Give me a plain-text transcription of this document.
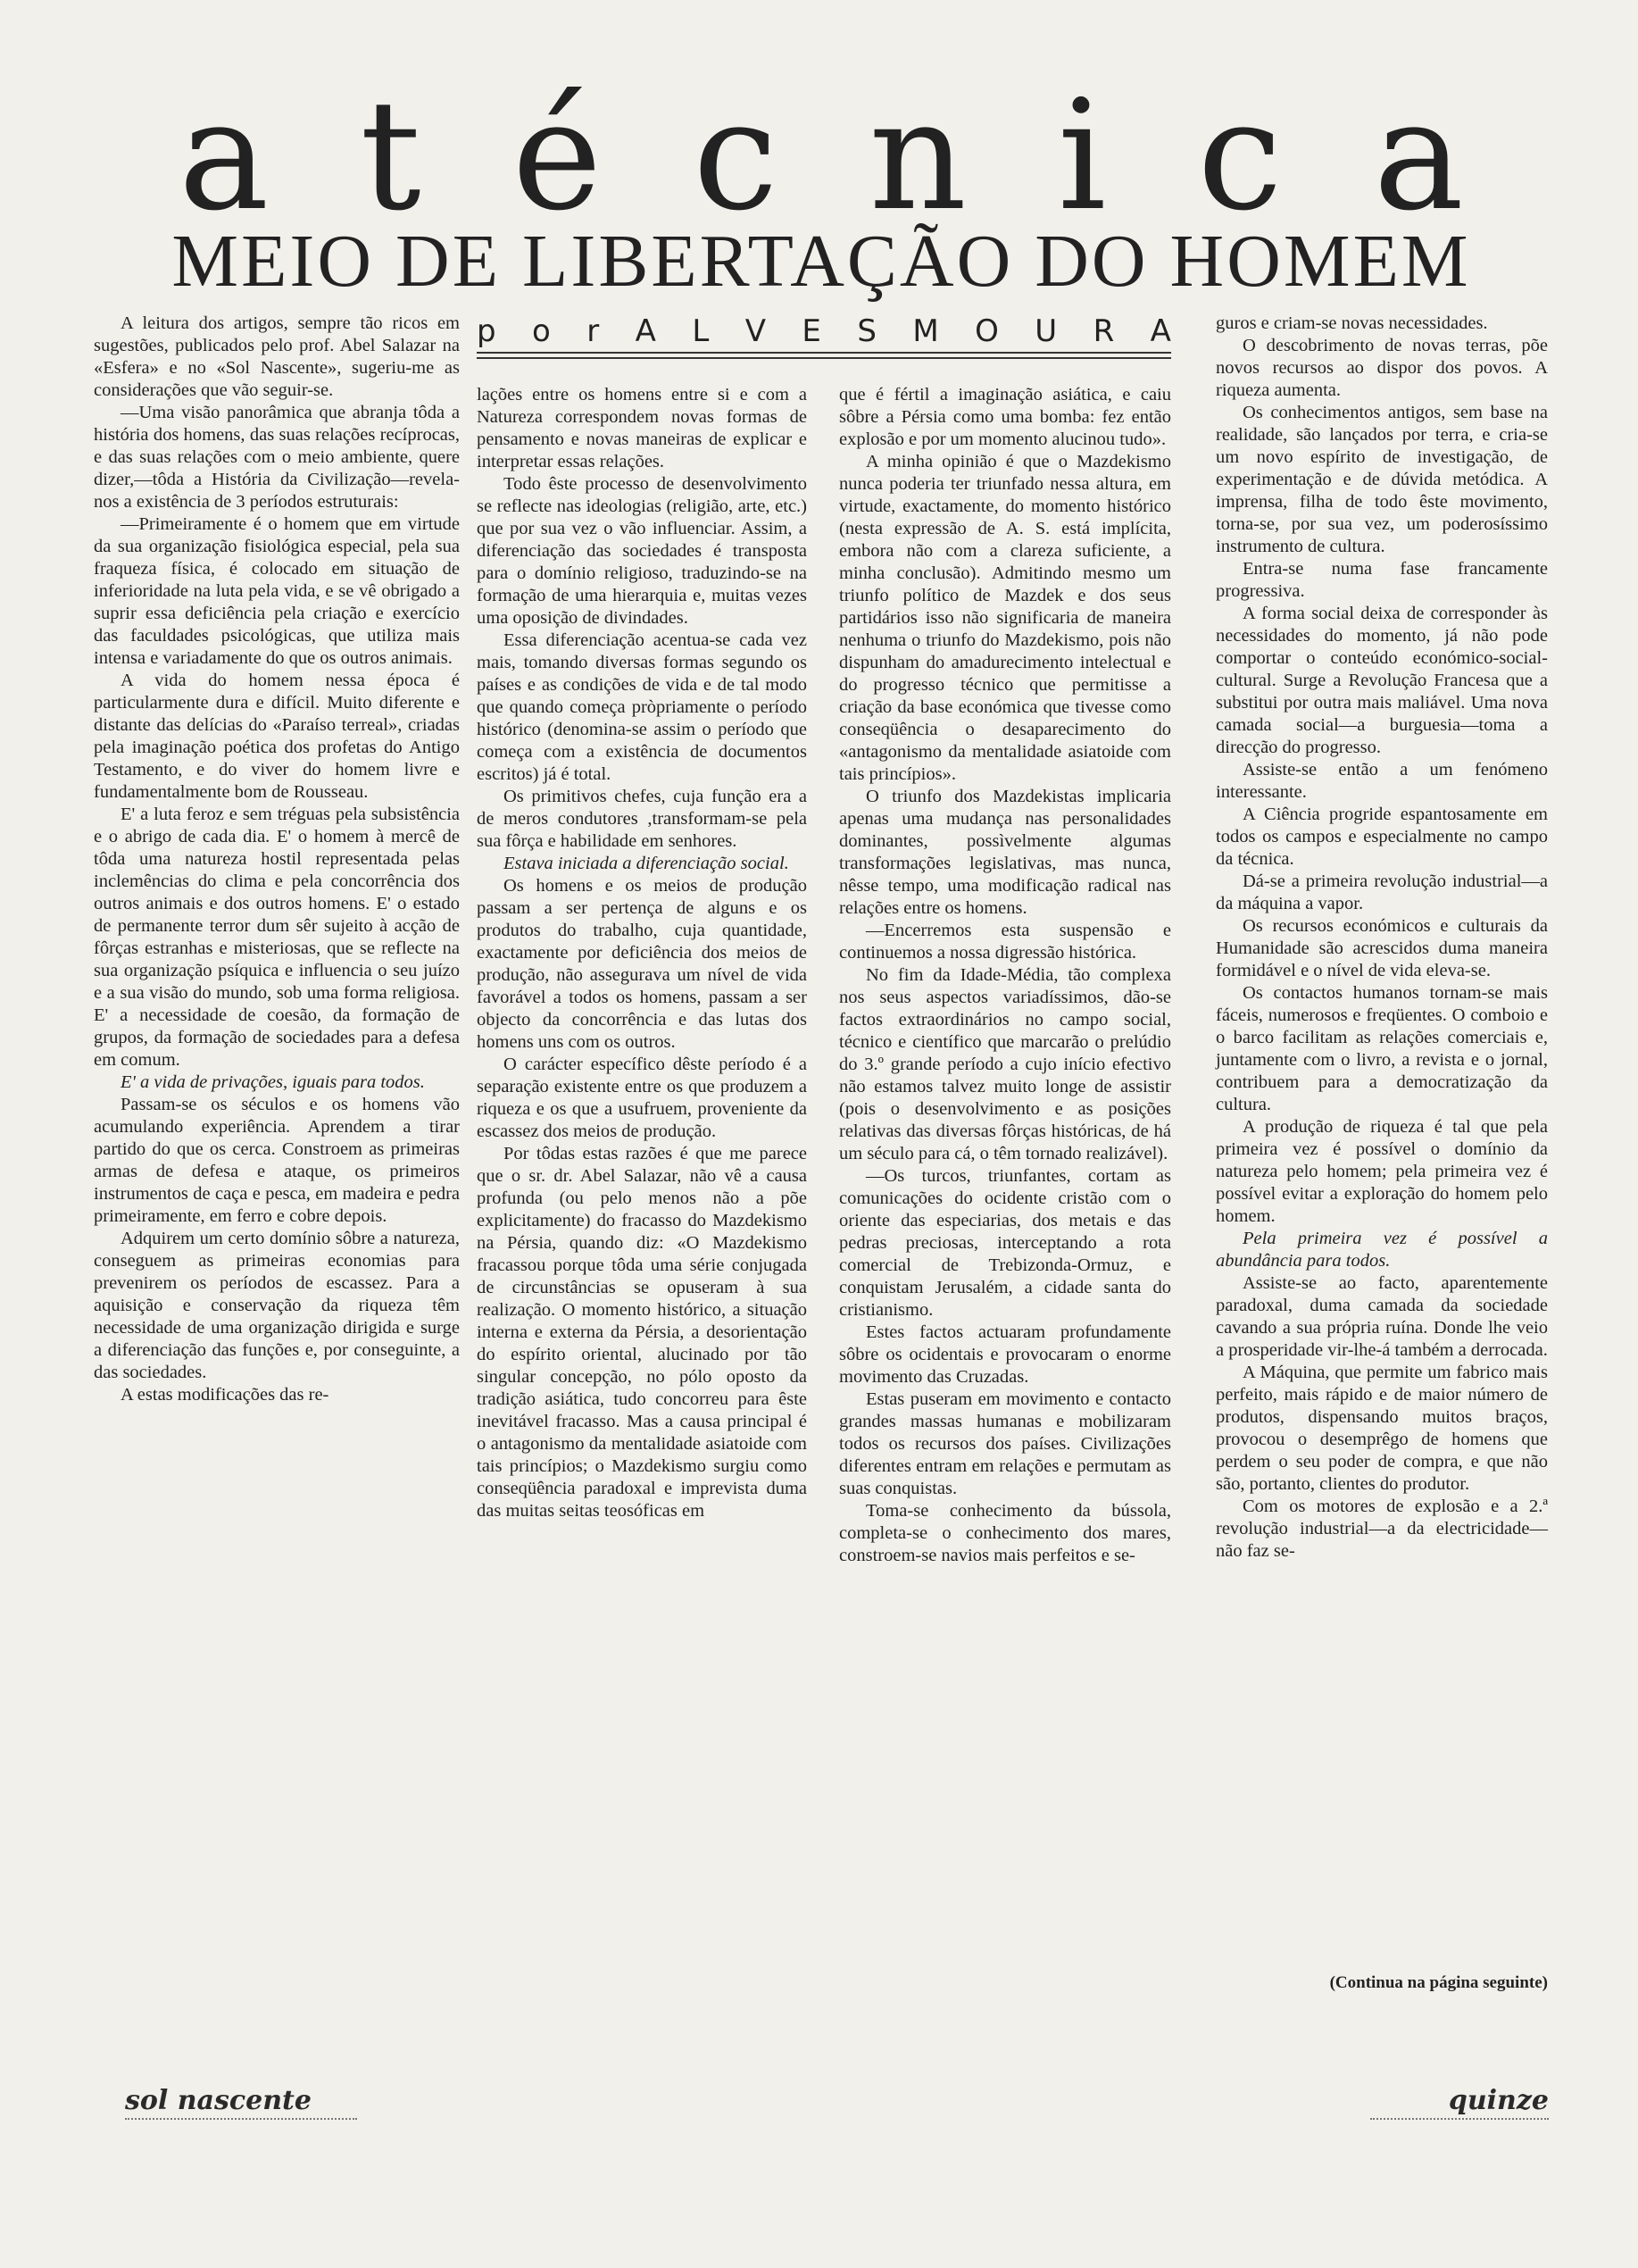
a t é c n i c a
MEIO DE LIBERTAÇÃO DO HOMEM
p o r A L V E S M O U R A

A leitura dos artigos, sempre tão ricos em sugestões, publicados pelo prof. Abel Salazar na «Esfera» e no «Sol Nascente», sugeriu-me as considerações que vão seguir-se.

—Uma visão panorâmica que abranja tôda a história dos homens, das suas relações recíprocas, e das suas relações com o meio ambiente, quere dizer,—tôda a História da Civilização—revela-nos a existência de 3 períodos estruturais:

—Primeiramente é o homem que em virtude da sua organização fisiológica especial, pela sua fraqueza física, é colocado em situação de inferioridade na luta pela vida, e se vê obrigado a suprir essa deficiência pela criação e exercício das faculdades psicológicas, que utiliza mais intensa e variadamente do que os outros animais.

A vida do homem nessa época é particularmente dura e difícil. Muito diferente e distante das delícias do «Paraíso terreal», criadas pela imaginação poética dos profetas do Antigo Testamento, e do viver do homem livre e fundamentalmente bom de Rousseau.

E' a luta feroz e sem tréguas pela subsistência e o abrigo de cada dia. E' o homem à mercê de tôda uma natureza hostil representada pelas inclemências do clima e pela concorrência dos outros animais e dos outros homens. E' o estado de permanente terror dum sêr sujeito à acção de fôrças estranhas e misteriosas, que se reflecte na sua organização psíquica e influencia o seu juízo e a sua visão do mundo, sob uma forma religiosa. E' a necessidade de coesão, da formação de grupos, da formação de sociedades para a defesa em comum.

E' a vida de privações, iguais para todos.

Passam-se os séculos e os homens vão acumulando experiência. Aprendem a tirar partido do que os cerca. Constroem as primeiras armas de defesa e ataque, os primeiros instrumentos de caça e pesca, em madeira e pedra primeiramente, em ferro e cobre depois.

Adquirem um certo domínio sôbre a natureza, conseguem as primeiras economias para prevenirem os períodos de escassez. Para a aquisição e conservação da riqueza têm necessidade de uma organização dirigida e surge a diferenciação das funções e, por conseguinte, a das sociedades.

A estas modificações das re-

lações entre os homens entre si e com a Natureza correspondem novas formas de pensamento e novas maneiras de explicar e interpretar essas relações.

Todo êste processo de desenvolvimento se reflecte nas ideologias (religião, arte, etc.) que por sua vez o vão influenciar. Assim, a diferenciação das sociedades é transposta para o domínio religioso, traduzindo-se na formação de uma hierarquia e, muitas vezes uma oposição de divindades.

Essa diferenciação acentua-se cada vez mais, tomando diversas formas segundo os países e as condições de vida e de tal modo que quando começa pròpriamente o período histórico (denomina-se assim o período que começa com a existência de documentos escritos) já é total.

Os primitivos chefes, cuja função era a de meros condutores ,transformam-se pela sua fôrça e habilidade em senhores.

Estava iniciada a diferenciação social.

Os homens e os meios de produção passam a ser pertença de alguns e os produtos do trabalho, cuja quantidade, exactamente por deficiência dos meios de produção, não assegurava um nível de vida favorável a todos os homens, passam a ser objecto da concorrência e das lutas dos homens uns com os outros.

O carácter específico dêste período é a separação existente entre os que produzem a riqueza e os que a usufruem, proveniente da escassez dos meios de produção.

Por tôdas estas razões é que me parece que o sr. dr. Abel Salazar, não vê a causa profunda (ou pelo menos não a põe explicitamente) do fracasso do Mazdekismo na Pérsia, quando diz: «O Mazdekismo fracassou porque tôda uma série conjugada de circunstâncias se opuseram à sua realização. O momento histórico, a situação interna e externa da Pérsia, a desorientação do espírito oriental, alucinado por tão singular concepção, no pólo oposto da tradição asiática, tudo concorreu para êste inevitável fracasso. Mas a causa principal é o antagonismo da mentalidade asiatoide com tais princípios; o Mazdekismo surgiu como conseqüência paradoxal e imprevista duma das muitas seitas teosóficas em

que é fértil a imaginação asiática, e caiu sôbre a Pérsia como uma bomba: fez então explosão e por um momento alucinou tudo».

A minha opinião é que o Mazdekismo nunca poderia ter triunfado nessa altura, em virtude, exactamente, do momento histórico (nesta expressão de A. S. está implícita, embora não com a clareza suficiente, a minha conclusão). Admitindo mesmo um triunfo político de Mazdek e dos seus partidários isso não significaria de maneira nenhuma o triunfo do Mazdekismo, pois não dispunham do amadurecimento intelectual e do progresso técnico que permitisse a criação da base económica que tivesse como conseqüência o desaparecimento do «antagonismo da mentalidade asiatoide com tais princípios».

O triunfo dos Mazdekistas implicaria apenas uma mudança nas personalidades dominantes, possìvelmente algumas transformações legislativas, mas nunca, nêsse tempo, uma modificação radical nas relações entre os homens.

—Encerremos esta suspensão e continuemos a nossa digressão histórica.

No fim da Idade-Média, tão complexa nos seus aspectos variadíssimos, dão-se factos extraordinários no campo social, técnico e científico que marcarão o prelúdio do 3.º grande período a cujo início efectivo não estamos talvez muito longe de assistir (pois o desenvolvimento e as posições relativas das diversas fôrças históricas, de há um século para cá, o têm tornado realizável).

—Os turcos, triunfantes, cortam as comunicações do ocidente cristão com o oriente das especiarias, dos metais e das pedras preciosas, interceptando a rota comercial de Trebizonda-Ormuz, e conquistam Jerusalém, a cidade santa do cristianismo.

Estes factos actuaram profundamente sôbre os ocidentais e provocaram o enorme movimento das Cruzadas.

Estas puseram em movimento e contacto grandes massas humanas e mobilizaram todos os recursos dos países. Civilizações diferentes entram em relações e permutam as suas conquistas.

Toma-se conhecimento da bússola, completa-se o conhecimento dos mares, constroem-se navios mais perfeitos e se-

guros e criam-se novas necessidades.

O descobrimento de novas terras, põe novos recursos ao dispor dos povos. A riqueza aumenta.

Os conhecimentos antigos, sem base na realidade, são lançados por terra, e cria-se um novo espírito de investigação, de experimentação e de dúvida metódica. A imprensa, filha de todo êste movimento, torna-se, por sua vez, um poderosíssimo instrumento de cultura.

Entra-se numa fase francamente progressiva.

A forma social deixa de corresponder às necessidades do momento, já não pode comportar o conteúdo económico-social-cultural. Surge a Revolução Francesa que a substitui por outra mais maliável. Uma nova camada social—a burguesia—toma a direcção do progresso.

Assiste-se então a um fenómeno interessante.

A Ciência progride espantosamente em todos os campos e especialmente no campo da técnica.

Dá-se a primeira revolução industrial—a da máquina a vapor.

Os recursos económicos e culturais da Humanidade são acrescidos duma maneira formidável e o nível de vida eleva-se.

Os contactos humanos tornam-se mais fáceis, numerosos e freqüentes. O comboio e o barco facilitam as relações comerciais e, juntamente com o livro, a revista e o jornal, contribuem para a democratização da cultura.

A produção de riqueza é tal que pela primeira vez é possível o domínio da natureza pelo homem; pela primeira vez é possível evitar a exploração do homem pelo homem.

Pela primeira vez é possível a abundância para todos.

Assiste-se ao facto, aparentemente paradoxal, duma camada da sociedade cavando a sua própria ruína. Donde lhe veio a prosperidade vir-lhe-á também a derrocada.

A Máquina, que permite um fabrico mais perfeito, mais rápido e de maior número de produtos, dispensando muitos braços, provocou o desemprêgo de homens que perdem o seu poder de compra, e que não são, portanto, clientes do produtor.

Com os motores de explosão e a 2.ª revolução industrial—a da electricidade—não faz se-

(Continua na página seguinte)
sol nascente	quinze
